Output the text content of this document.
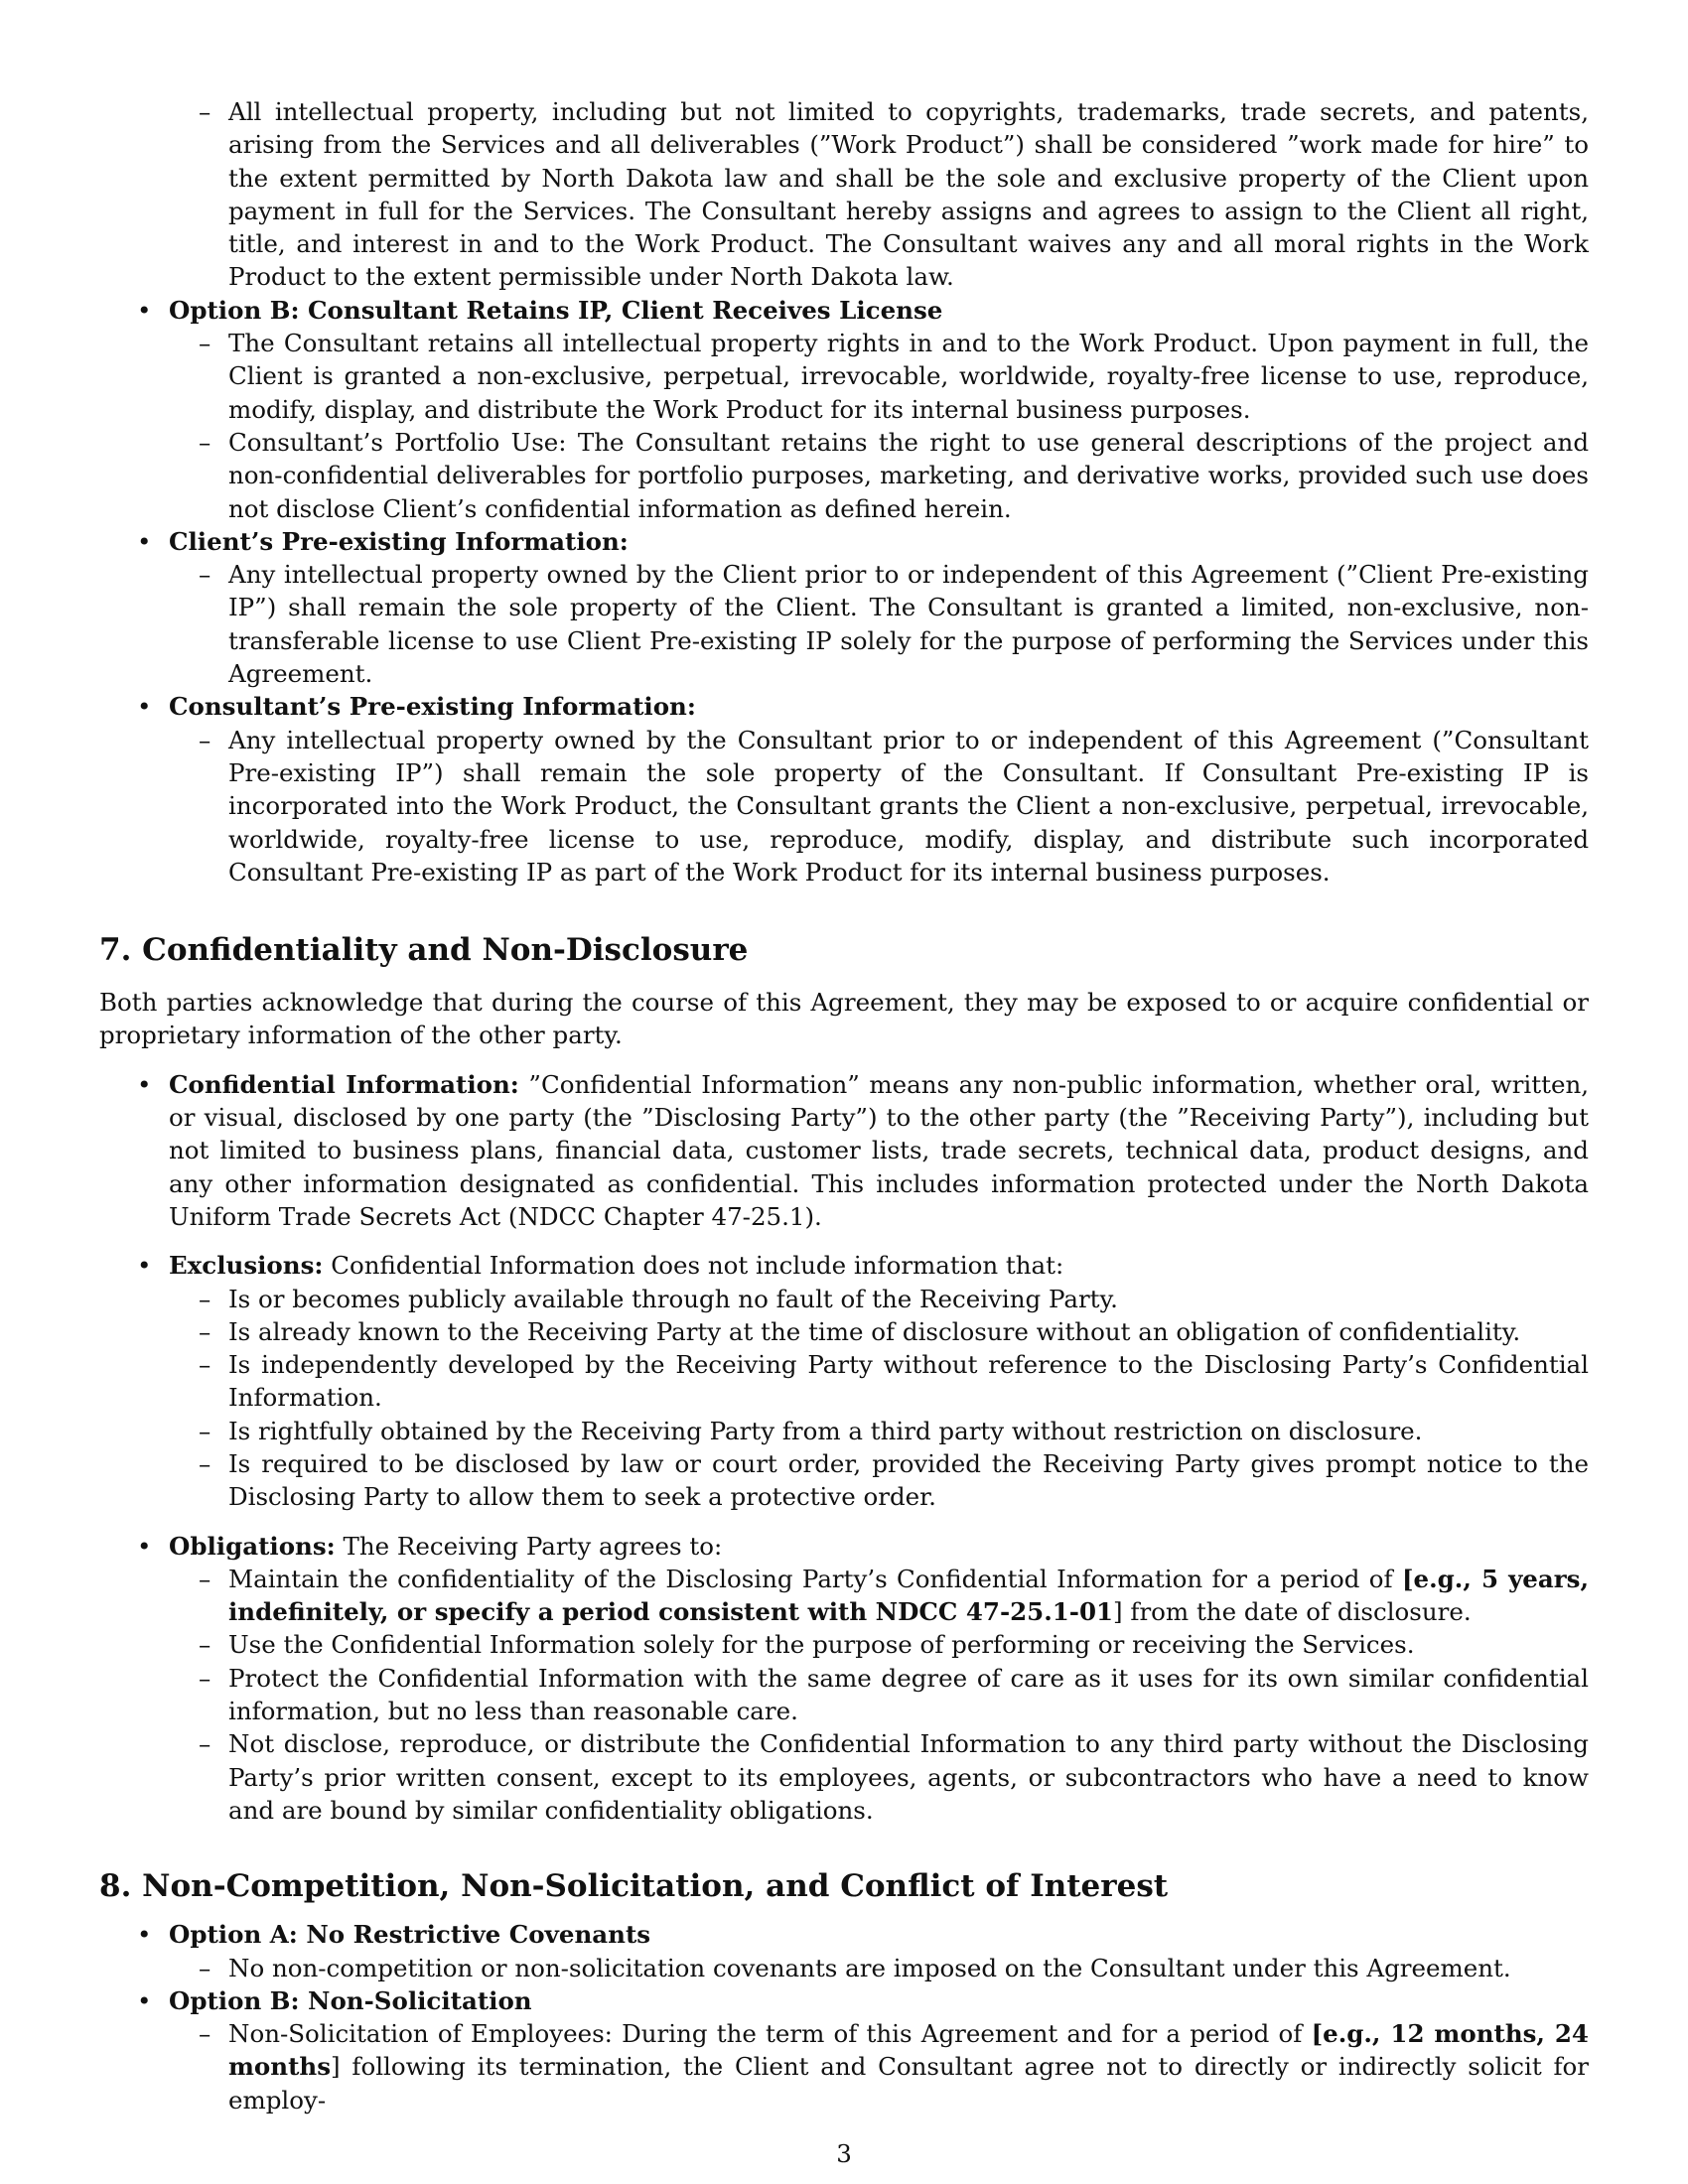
– All intellectual property, including but not limited to copyrights, trademarks, trade secrets, and patents, arising from the Services and all deliverables (”Work Product”) shall be considered ”work made for hire” to the extent permitted by North Dakota law and shall be the sole and exclusive property of the Client upon payment in full for the Services. The Consultant hereby assigns and agrees to assign to the Client all right, title, and interest in and to the Work Product. The Consultant waives any and all moral rights in the Work Product to the extent permissible under North Dakota law.
• Option B: Consultant Retains IP, Client Receives License
– The Consultant retains all intellectual property rights in and to the Work Product. Upon payment in full, the Client is granted a non-exclusive, perpetual, irrevocable, worldwide, royalty-free license to use, reproduce, modify, display, and distribute the Work Product for its internal business purposes.
– Consultant’s Portfolio Use: The Consultant retains the right to use general descriptions of the project and non-confidential deliverables for portfolio purposes, marketing, and derivative works, provided such use does not disclose Client’s confidential information as defined herein.
• Client’s Pre-existing Information:
– Any intellectual property owned by the Client prior to or independent of this Agreement (”Client Pre-existing IP”) shall remain the sole property of the Client. The Consultant is granted a limited, non-exclusive, non-transferable license to use Client Pre-existing IP solely for the purpose of performing the Services under this Agreement.
• Consultant’s Pre-existing Information:
– Any intellectual property owned by the Consultant prior to or independent of this Agreement (”Consultant Pre-existing IP”) shall remain the sole property of the Consultant. If Consultant Pre-existing IP is incorporated into the Work Product, the Consultant grants the Client a non-exclusive, perpetual, irrevocable, worldwide, royalty-free license to use, reproduce, modify, display, and distribute such incorporated Consultant Pre-existing IP as part of the Work Product for its internal business purposes.
7. Confidentiality and Non-Disclosure

Both parties acknowledge that during the course of this Agreement, they may be exposed to or acquire confidential or proprietary information of the other party.

• Confidential Information: ”Confidential Information” means any non-public information, whether oral, written, or visual, disclosed by one party (the ”Disclosing Party”) to the other party (the ”Receiving Party”), including but not limited to business plans, financial data, customer lists, trade secrets, technical data, product designs, and any other information designated as confidential. This includes information protected under the North Dakota Uniform Trade Secrets Act (NDCC Chapter 47-25.1).
• Exclusions: Confidential Information does not include information that:
– Is or becomes publicly available through no fault of the Receiving Party.
– Is already known to the Receiving Party at the time of disclosure without an obligation of confidentiality.
– Is independently developed by the Receiving Party without reference to the Disclosing Party’s Confidential Information.
– Is rightfully obtained by the Receiving Party from a third party without restriction on disclosure.
– Is required to be disclosed by law or court order, provided the Receiving Party gives prompt notice to the Disclosing Party to allow them to seek a protective order.
• Obligations: The Receiving Party agrees to:
– Maintain the confidentiality of the Disclosing Party’s Confidential Information for a period of [e.g., 5 years, indefinitely, or specify a period consistent with NDCC 47-25.1-01] from the date of disclosure.
– Use the Confidential Information solely for the purpose of performing or receiving the Services.
– Protect the Confidential Information with the same degree of care as it uses for its own similar confidential information, but no less than reasonable care.
– Not disclose, reproduce, or distribute the Confidential Information to any third party without the Disclosing Party’s prior written consent, except to its employees, agents, or subcontractors who have a need to know and are bound by similar confidentiality obligations.
8. Non-Competition, Non-Solicitation, and Conflict of Interest
• Option A: No Restrictive Covenants
– No non-competition or non-solicitation covenants are imposed on the Consultant under this Agreement.
• Option B: Non-Solicitation
– Non-Solicitation of Employees: During the term of this Agreement and for a period of [e.g., 12 months, 24 months] following its termination, the Client and Consultant agree not to directly or indirectly solicit for employ-
3
